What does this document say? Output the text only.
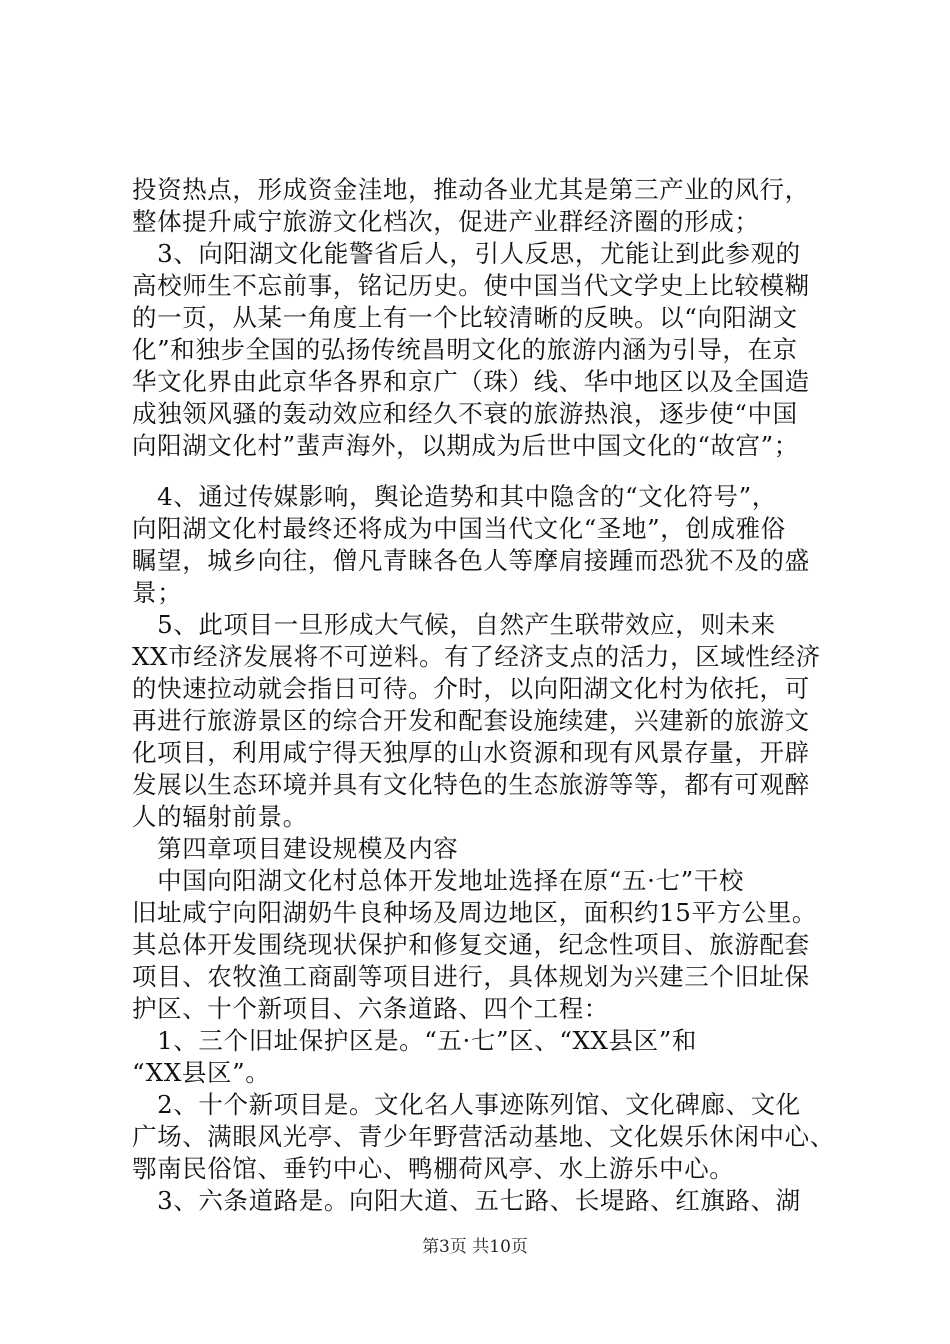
投资热点，形成资金洼地，推动各业尤其是第三产业的风行，
整体提升咸宁旅游文化档次，促进产业群经济圈的形成；
　3、向阳湖文化能警省后人，引人反思，尤能让到此参观的
高校师生不忘前事，铭记历史。使中国当代文学史上比较模糊
的一页，从某一角度上有一个比较清晰的反映。以“向阳湖文
化”和独步全国的弘扬传统昌明文化的旅游内涵为引导，在京
华文化界由此京华各界和京广（珠）线、华中地区以及全国造
成独领风骚的轰动效应和经久不衰的旅游热浪，逐步使“中国
向阳湖文化村”蜚声海外，以期成为后世中国文化的“故宫”；
　4、通过传媒影响，舆论造势和其中隐含的“文化符号”，
向阳湖文化村最终还将成为中国当代文化“圣地”，创成雅俗
瞩望，城乡向往，僧凡青睐各色人等摩肩接踵而恐犹不及的盛
景；
　5、此项目一旦形成大气候，自然产生联带效应，则未来
XX市经济发展将不可逆料。有了经济支点的活力，区域性经济
的快速拉动就会指日可待。介时，以向阳湖文化村为依托，可
再进行旅游景区的综合开发和配套设施续建，兴建新的旅游文
化项目，利用咸宁得天独厚的山水资源和现有风景存量，开辟
发展以生态环境并具有文化特色的生态旅游等等，都有可观醉
人的辐射前景。
　第四章项目建设规模及内容
　中国向阳湖文化村总体开发地址选择在原“五·七”干校
旧址咸宁向阳湖奶牛良种场及周边地区，面积约15平方公里。
其总体开发围绕现状保护和修复交通，纪念性项目、旅游配套
项目、农牧渔工商副等项目进行，具体规划为兴建三个旧址保
护区、十个新项目、六条道路、四个工程：
　1、三个旧址保护区是。“五·七”区、“XX县区”和
“XX县区”。
　2、十个新项目是。文化名人事迹陈列馆、文化碑廊、文化
广场、满眼风光亭、青少年野营活动基地、文化娱乐休闲中心、
鄂南民俗馆、垂钓中心、鸭棚荷风亭、水上游乐中心。
　3、六条道路是。向阳大道、五七路、长堤路、红旗路、湖
第3页 共10页
